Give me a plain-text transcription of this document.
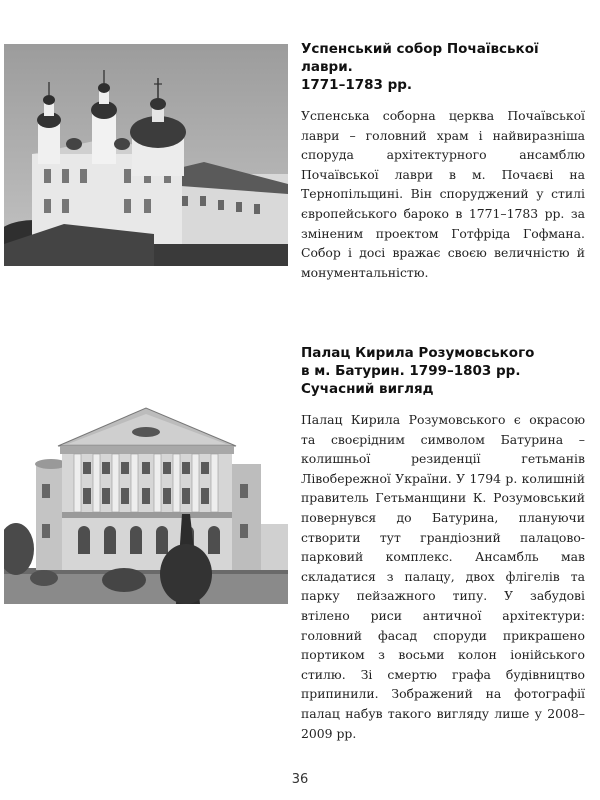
Успенський собор Почаївської лаври.
1771–1783 рр.

Успенська соборна церква Почаївської лаври – головний храм і найвиразніша споруда архітектурного ансамблю Почаївської лаври в м. Почаєві на Тернопільщині. Він споруджений у стилі європейського бароко в 1771–1783 рр. за зміненим проектом Готфріда Гофмана. Собор і досі вражає своєю величністю й монументальністю.

Палац Кирила Розумовського
в м. Батурин. 1799–1803 рр.
Сучасний вигляд

Палац Кирила Розумовського є окрасою та своєрідним символом Батурина – колишньої резиденції гетьманів Лівобережної України. У 1794 р. колишній правитель Гетьманщини К. Розумовський повернувся до Батурина, плануючи створити тут грандіозний палацово-парковий комплекс. Ансамбль мав складатися з палацу, двох флігелів та парку пейзажного типу. У забудові втілено риси античної архітектури: головний фасад споруди прикрашено портиком з восьми колон іонійського стилю. Зі смертю графа будівництво припинили. Зображений на фотографії палац набув такого вигляду лише у 2008–2009 рр.

36
